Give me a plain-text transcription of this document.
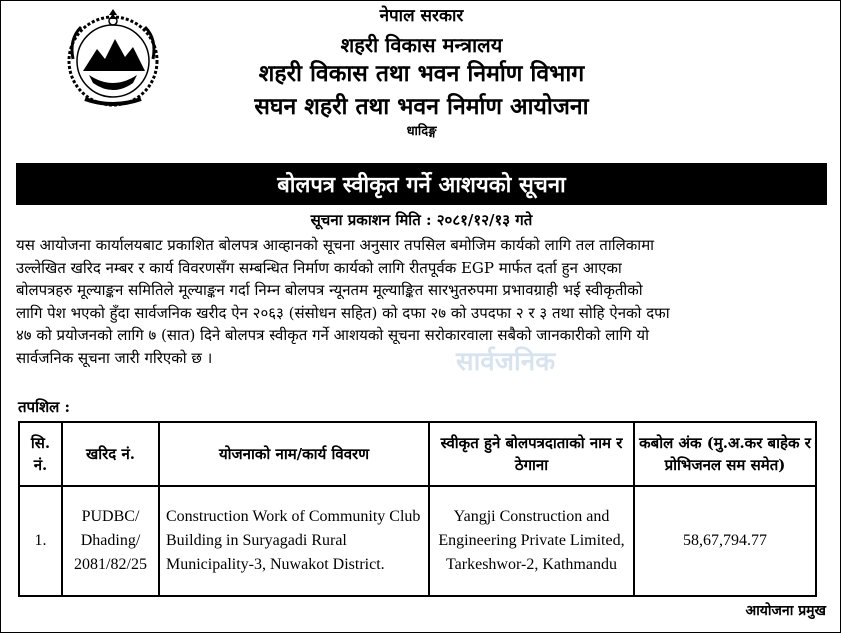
नेपाल सरकार
शहरी विकास मन्त्रालय
शहरी विकास तथा भवन निर्माण विभाग
सघन शहरी तथा भवन निर्माण आयोजना
धादिङ्ग
बोलपत्र स्वीकृत गर्ने आशयको सूचना
सूचना प्रकाशन मिति : २०८१/१२/१३ गते
यस आयोजना कार्यालयबाट प्रकाशित बोलपत्र आव्हानको सूचना अनुसार तपसिल बमोजिम कार्यको लागि तल तालिकामा
उल्लेखित खरिद नम्बर र कार्य विवरणसँग सम्बन्धित निर्माण कार्यको लागि रीतपूर्वक EGP मार्फत दर्ता हुन आएका
बोलपत्रहरु मूल्याङ्कन समितिले मूल्याङ्कन गर्दा निम्न बोलपत्र न्यूनतम मूल्याङ्कित सारभुतरुपमा प्रभावग्राही भई स्वीकृतीको
लागि पेश भएको हुँदा सार्वजनिक खरीद ऐन २०६३ (संसोधन सहित) को दफा २७ को उपदफा २ र ३ तथा सोहि ऐनको दफा
४७ को प्रयोजनको लागि ७ (सात) दिने बोलपत्र स्वीकृत गर्ने आशयको सूचना सरोकारवाला सबैको जानकारीको लागि यो
सार्वजनिक सूचना जारी गरिएको छ ।	सार्वजनिक
तपशिल :
सि. नं.	खरिद नं.	योजनाको नाम/कार्य विवरण	स्वीकृत हुने बोलपत्रदाताको नाम र ठेगाना	कबोल अंक (मु.अ.कर बाहेक र प्रोभिजनल सम समेत)
1.	PUDBC/ Dhading/ 2081/82/25	Construction Work of Community Club Building in Suryagadi Rural Municipality-3, Nuwakot District.	Yangji Construction and Engineering Private Limited, Tarkeshwor-2, Kathmandu	58,67,794.77
आयोजना प्रमुख
